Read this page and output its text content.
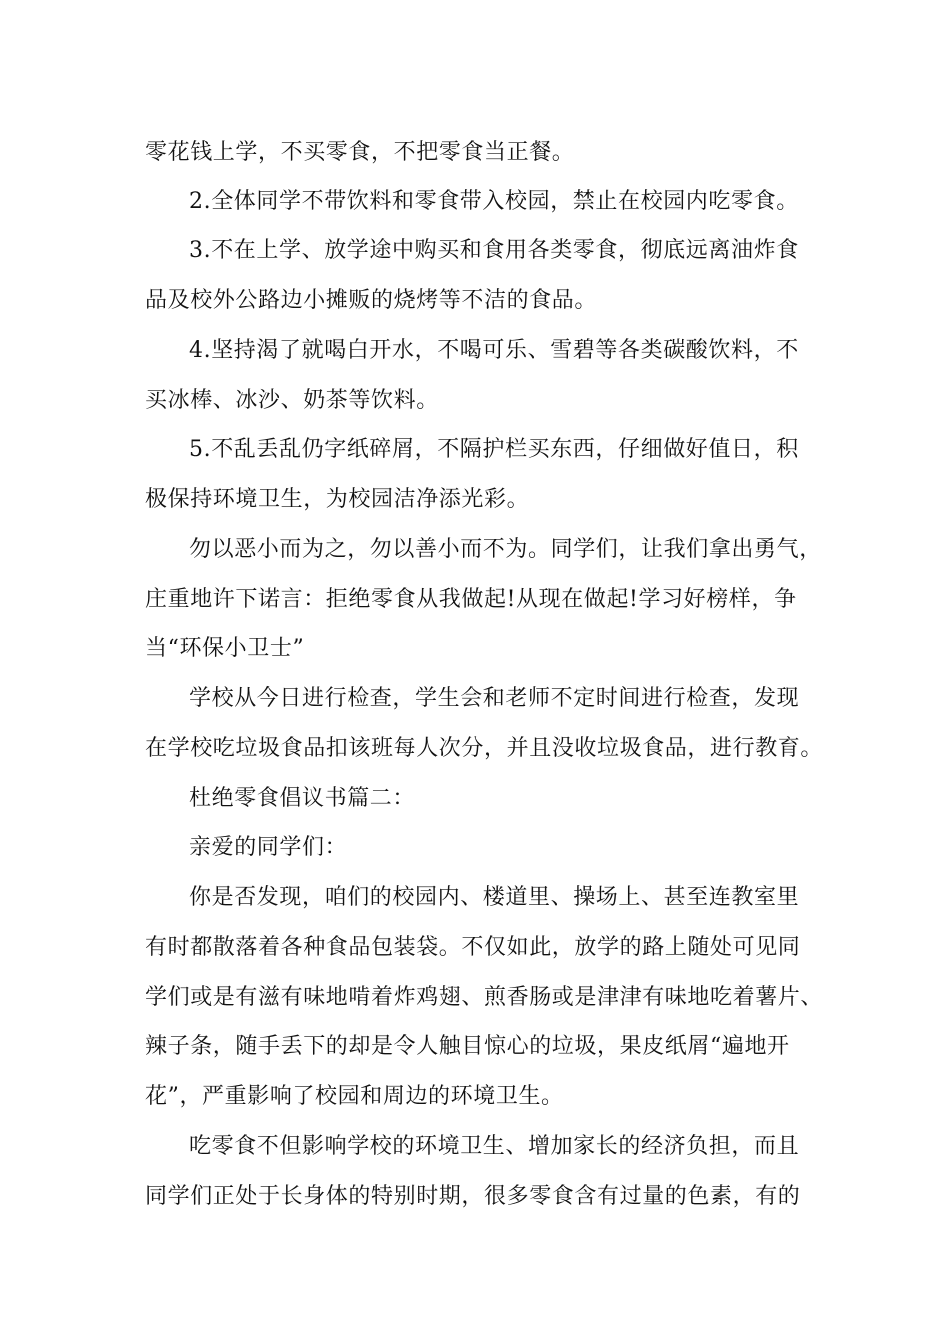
零花钱上学，不买零食，不把零食当正餐。
2.全体同学不带饮料和零食带入校园，禁止在校园内吃零食。
3.不在上学、放学途中购买和食用各类零食，彻底远离油炸食
品及校外公路边小摊贩的烧烤等不洁的食品。
4.坚持渴了就喝白开水，不喝可乐、雪碧等各类碳酸饮料，不
买冰棒、冰沙、奶茶等饮料。
5.不乱丢乱仍字纸碎屑，不隔护栏买东西，仔细做好值日，积
极保持环境卫生，为校园洁净添光彩。
勿以恶小而为之，勿以善小而不为。同学们，让我们拿出勇气，
庄重地许下诺言：拒绝零食从我做起!从现在做起!学习好榜样，争
当“环保小卫士”
学校从今日进行检查，学生会和老师不定时间进行检查，发现
在学校吃垃圾食品扣该班每人次分，并且没收垃圾食品，进行教育。
杜绝零食倡议书篇二：
亲爱的同学们：
你是否发现，咱们的校园内、楼道里、操场上、甚至连教室里
有时都散落着各种食品包装袋。不仅如此，放学的路上随处可见同
学们或是有滋有味地啃着炸鸡翅、煎香肠或是津津有味地吃着薯片、
辣子条，随手丢下的却是令人触目惊心的垃圾，果皮纸屑“遍地开
花”，严重影响了校园和周边的环境卫生。
吃零食不但影响学校的环境卫生、增加家长的经济负担，而且
同学们正处于长身体的特别时期，很多零食含有过量的色素，有的
